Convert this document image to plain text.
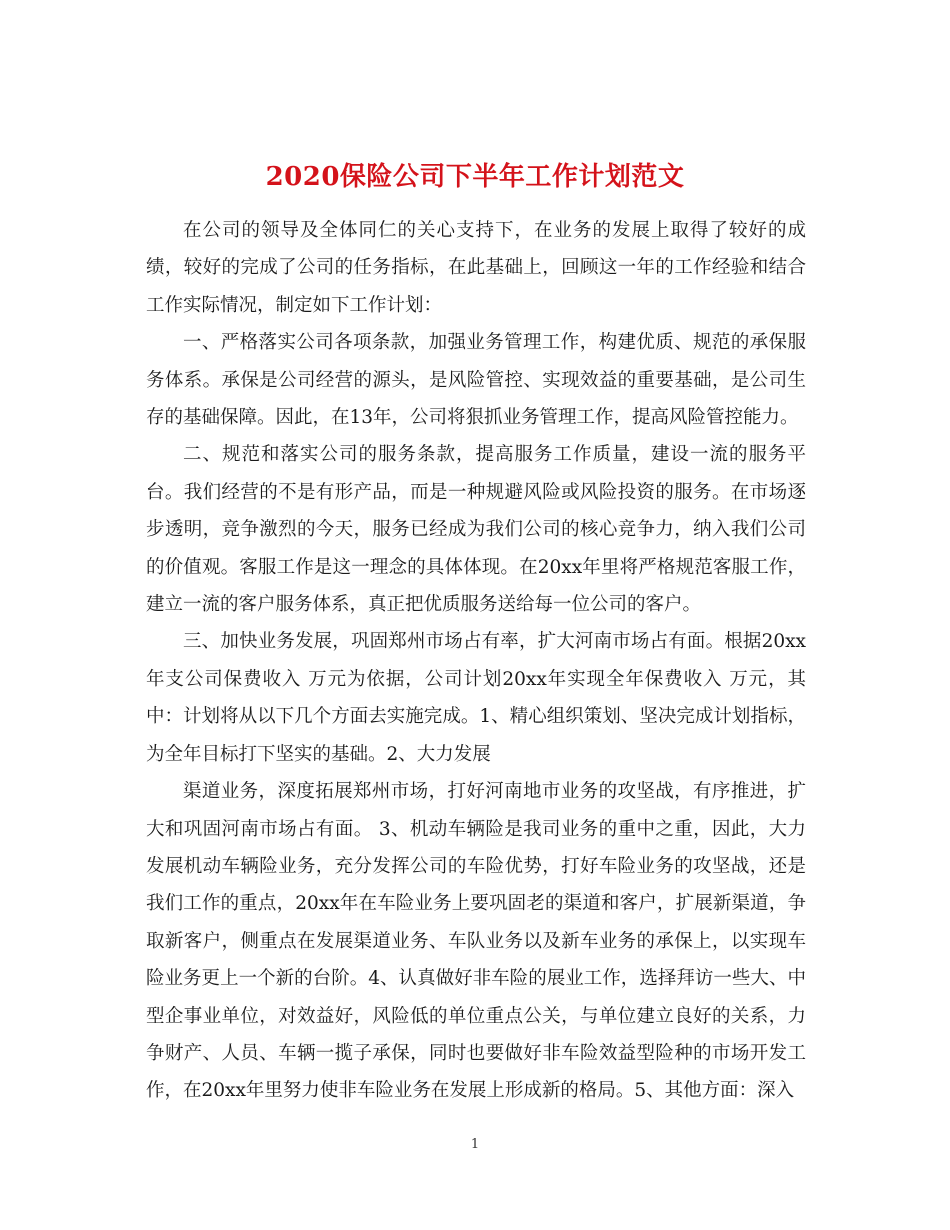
2020保险公司下半年工作计划范文

在公司的领导及全体同仁的关心支持下，在业务的发展上取得了较好的成绩，较好的完成了公司的任务指标，在此基础上，回顾这一年的工作经验和结合工作实际情况，制定如下工作计划：

一、严格落实公司各项条款，加强业务管理工作，构建优质、规范的承保服务体系。承保是公司经营的源头，是风险管控、实现效益的重要基础，是公司生存的基础保障。因此，在13年，公司将狠抓业务管理工作，提高风险管控能力。

二、规范和落实公司的服务条款，提高服务工作质量，建设一流的服务平台。我们经营的不是有形产品，而是一种规避风险或风险投资的服务。在市场逐步透明，竞争激烈的今天，服务已经成为我们公司的核心竞争力，纳入我们公司的价值观。客服工作是这一理念的具体体现。在20xx年里将严格规范客服工作，建立一流的客户服务体系，真正把优质服务送给每一位公司的客户。

三、加快业务发展，巩固郑州市场占有率，扩大河南市场占有面。根据20xx年支公司保费收入 万元为依据，公司计划20xx年实现全年保费收入 万元，其中：计划将从以下几个方面去实施完成。1、精心组织策划、坚决完成计划指标，为全年目标打下坚实的基础。2、大力发展

渠道业务，深度拓展郑州市场，打好河南地市业务的攻坚战，有序推进，扩大和巩固河南市场占有面。 3、机动车辆险是我司业务的重中之重，因此，大力发展机动车辆险业务，充分发挥公司的车险优势，打好车险业务的攻坚战，还是我们工作的重点，20xx年在车险业务上要巩固老的渠道和客户，扩展新渠道，争取新客户，侧重点在发展渠道业务、车队业务以及新车业务的承保上，以实现车险业务更上一个新的台阶。4、认真做好非车险的展业工作，选择拜访一些大、中型企事业单位，对效益好，风险低的单位重点公关，与单位建立良好的关系，力争财产、人员、车辆一揽子承保，同时也要做好非车险效益型险种的市场开发工作，在20xx年里努力使非车险业务在发展上形成新的格局。5、其他方面：深入

1
